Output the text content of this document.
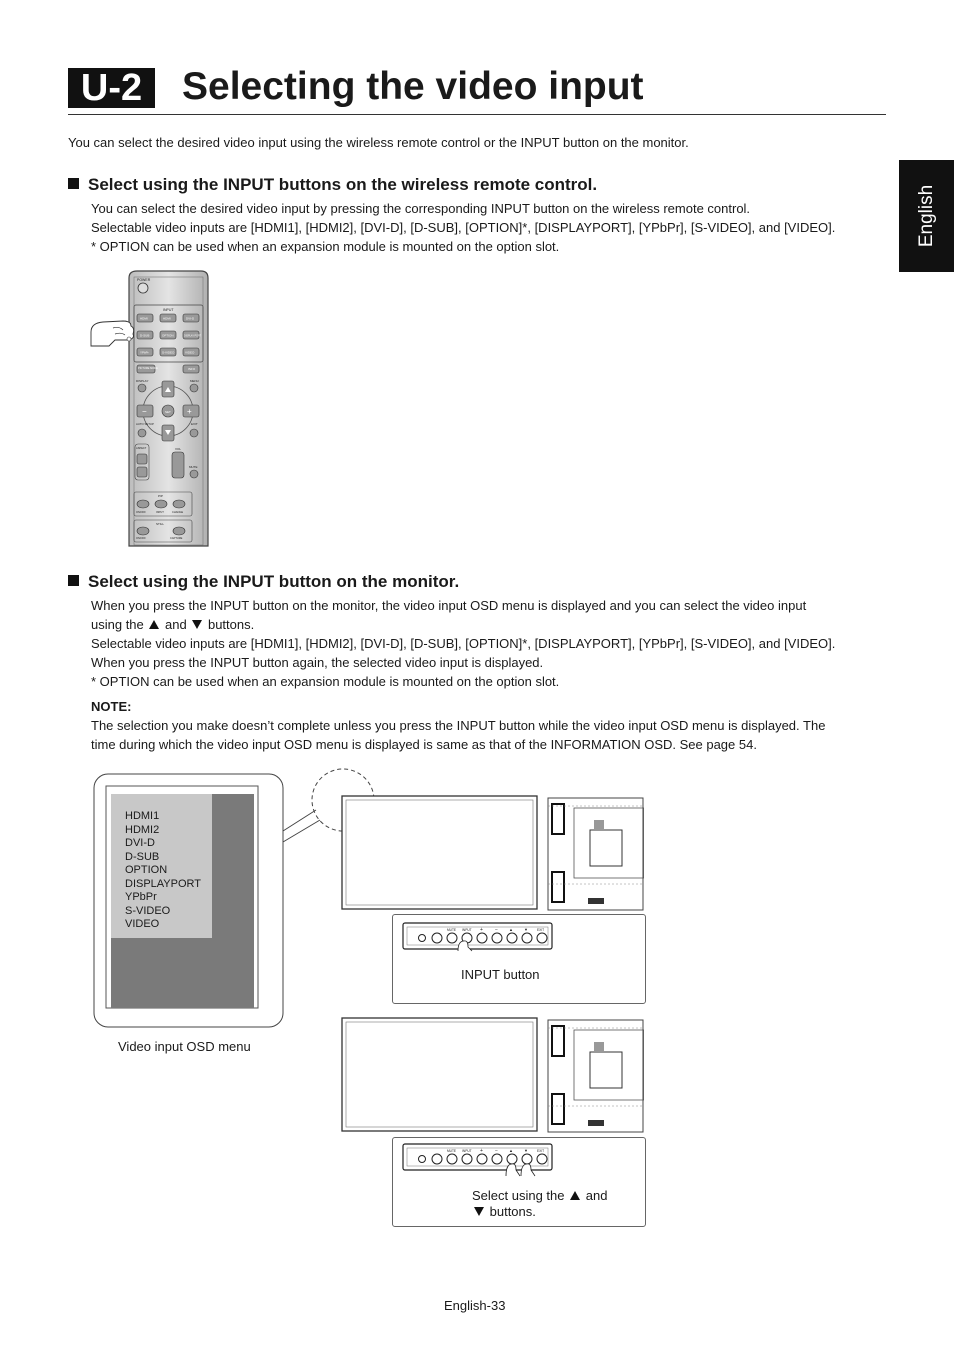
U-2	Selecting the video input
English
You can select the desired video input using the wireless remote control or the INPUT button on the monitor.
Select using the INPUT buttons on the wireless remote control.
You can select the desired video input by pressing the corresponding INPUT button on the wireless remote control.
Selectable video inputs are [HDMI1], [HDMI2], [DVI-D], [D-SUB], [OPTION]*, [DISPLAYPORT], [YPbPr], [S-VIDEO], and [VIDEO].
* OPTION can be used when an expansion module is mounted on the option slot.
POWER
INPUT
HDMI	HDMI	DVI-D
D-SUB	OPTION	DISPLAY PORT
YPbPr	S-VIDEO	VIDEO
PICTURE MODE	INFO
DISPLAY	MENU
SET
−	+
AUTO SETUP	EXIT
ASPECT	VOL
MUTE
PIP
ON/OFF	INPUT	CHANGE
STILL
ON/OFF	CAPTURE
Select using the INPUT button on the monitor.
When you press the INPUT button on the monitor, the video input OSD menu is displayed and you can select the video input
using the and buttons.
Selectable video inputs are [HDMI1], [HDMI2], [DVI-D], [D-SUB], [OPTION]*, [DISPLAYPORT], [YPbPr], [S-VIDEO], and [VIDEO].
When you press the INPUT button again, the selected video input is displayed.
* OPTION can be used when an expansion module is mounted on the option slot.
NOTE:
The selection you make doesn’t complete unless you press the INPUT button while the video input OSD menu is displayed. The
time during which the video input OSD menu is displayed is same as that of the INFORMATION OSD. See page 54.
HDMI1
HDMI2
DVI-D
D-SUB
OPTION
DISPLAYPORT
YPbPr
S-VIDEO
VIDEO
Video input OSD menu
MUTE INPUT + −	▲	▼	EXIT
INPUT button
MUTE INPUT + −	▲	▼	EXIT
Select using the and
buttons.
English-33
